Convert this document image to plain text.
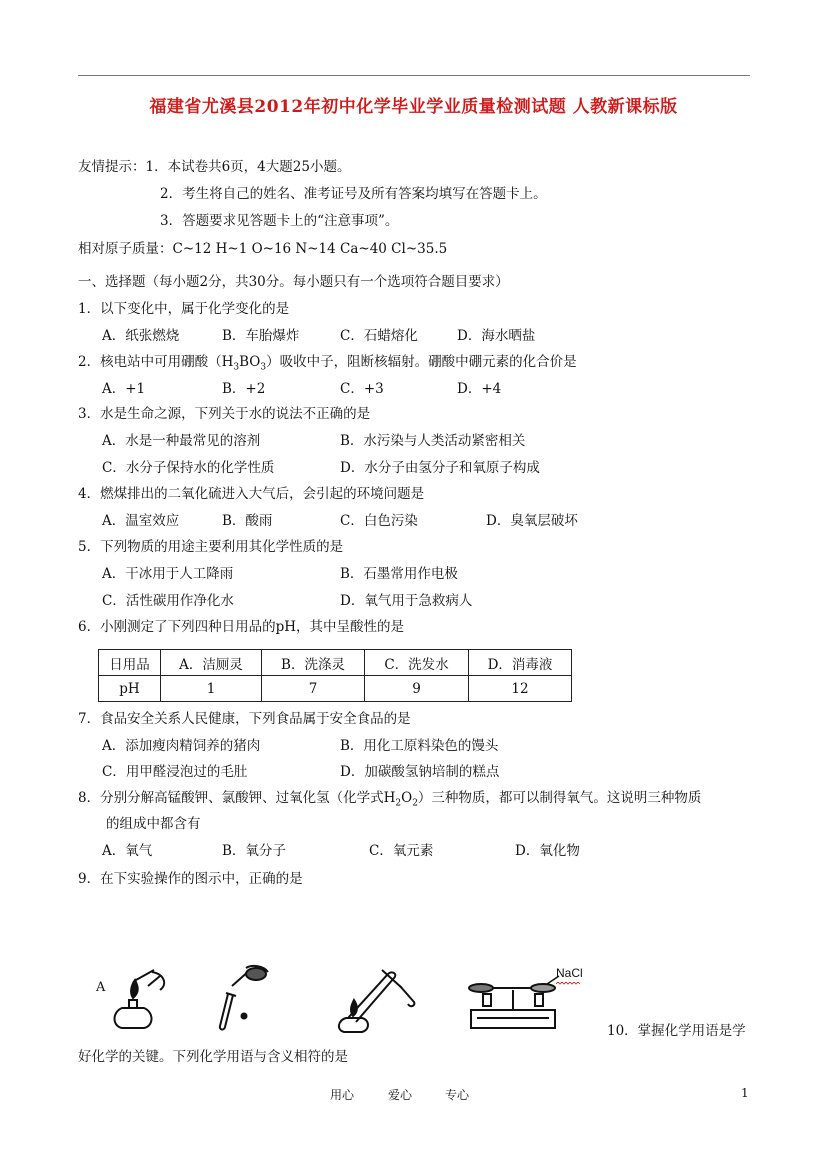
福建省尤溪县2012年初中化学毕业学业质量检测试题 人教新课标版
友情提示：1．本试卷共6页，4大题25小题。
2．考生将自己的姓名、准考证号及所有答案均填写在答题卡上。
3．答题要求见答题卡上的“注意事项”。
相对原子质量：C~12 H~1 O~16 N~14 Ca~40 Cl~35.5
一、选择题（每小题2分，共30分。每小题只有一个选项符合题目要求）
1．以下变化中，属于化学变化的是
A．纸张燃烧	B．车胎爆炸	C．石蜡熔化	D．海水晒盐
2．核电站中可用硼酸$(H_3BO_3)$吸收中子，阻断核辐射。硼酸中硼元素的化合价是
A．+1	B．+2	C．+3	D．+4
3．水是生命之源，下列关于水的说法不正确的是
A．水是一种最常见的溶剂	B．水污染与人类活动紧密相关
C．水分子保持水的化学性质	D．水分子由氢分子和氧原子构成
4．燃煤排出的二氧化硫进入大气后，会引起的环境问题是
A．温室效应	B．酸雨	C．白色污染	D．臭氧层破坏
5．下列物质的用途主要利用其化学性质的是
A．干冰用于人工降雨	B．石墨常用作电极
C．活性碳用作净化水	D．氧气用于急救病人
6．小刚测定了下列四种日用品的pH，其中呈酸性的是
日用品	A．洁厕灵	B．洗涤灵	C．洗发水	D．消毒液
pH	1	7	9	12
7．食品安全关系人民健康，下列食品属于安全食品的是
A．添加瘦肉精饲养的猪肉	B．用化工原料染色的馒头
C．用甲醛浸泡过的毛肚	D．加碳酸氢钠培制的糕点
8．分别分解高锰酸钾、氯酸钾、过氧化氢（化学式$H_2O_2$）三种物质，都可以制得氧气。这说明三种物质
的组成中都含有
A．氧气	B．氧分子	C．氧元素	D．氧化物
9．在下实验操作的图示中，正确的是
A
NaCl
10．掌握化学用语是学
好化学的关键。下列化学用语与含义相符的是
用心	爱心	专心	1
